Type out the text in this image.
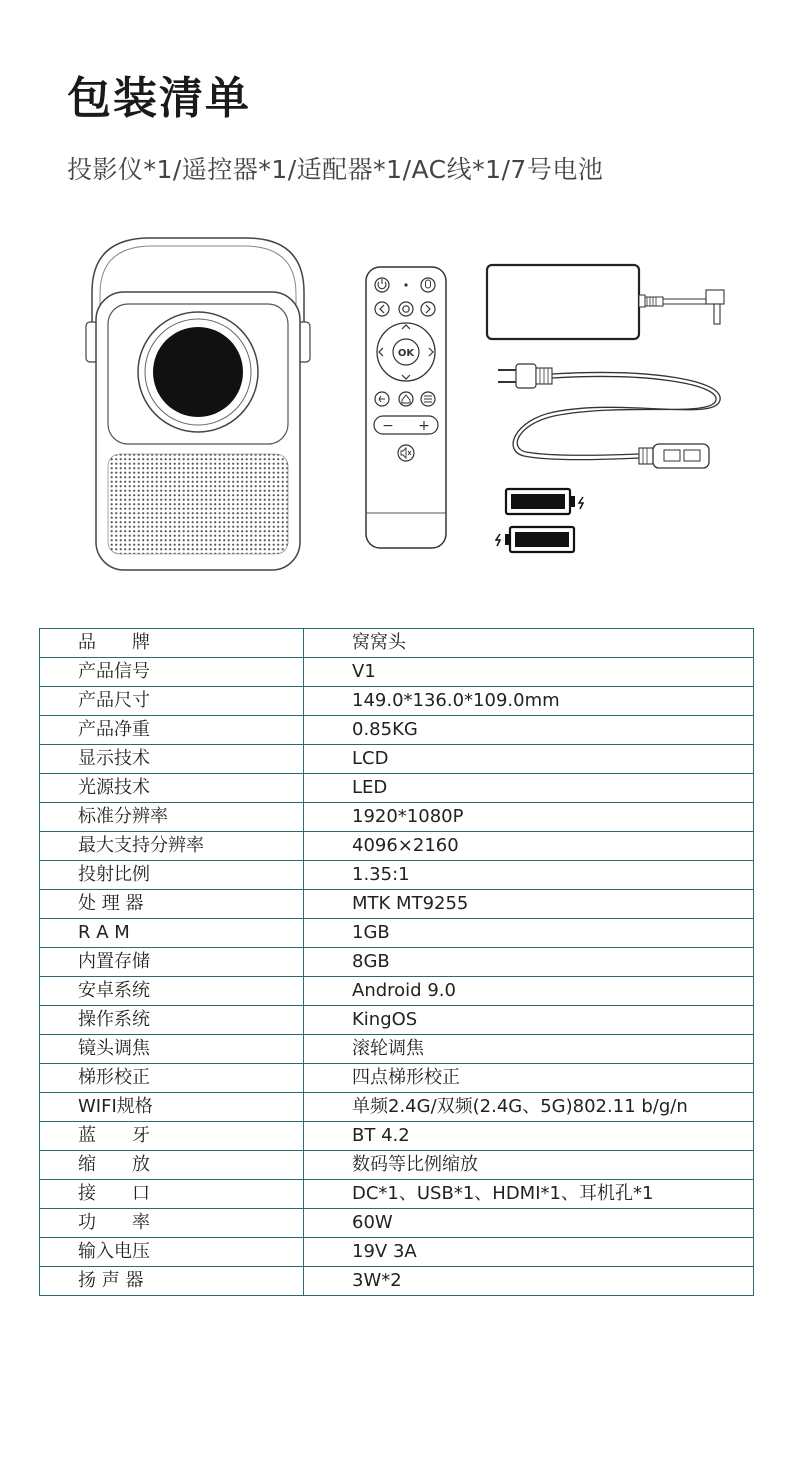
包装清单

投影仪*1/遥控器*1/适配器*1/AC线*1/7号电池

OK
− +
品　　牌	窝窝头
产品信号	V1
产品尺寸	149.0*136.0*109.0mm
产品净重	0.85KG
显示技术	LCD
光源技术	LED
标准分辨率	1920*1080P
最大支持分辨率	4096×2160
投射比例	1.35:1
处 理 器	MTK MT9255
R A M	1GB
内置存储	8GB
安卓系统	Android 9.0
操作系统	KingOS
镜头调焦	滚轮调焦
梯形校正	四点梯形校正
WIFI规格	单频2.4G/双频(2.4G、5G)802.11 b/g/n
蓝　　牙	BT 4.2
缩　　放	数码等比例缩放
接　　口	DC*1、USB*1、HDMI*1、耳机孔*1
功　　率	60W
输入电压	19V 3A
扬 声 器	3W*2
